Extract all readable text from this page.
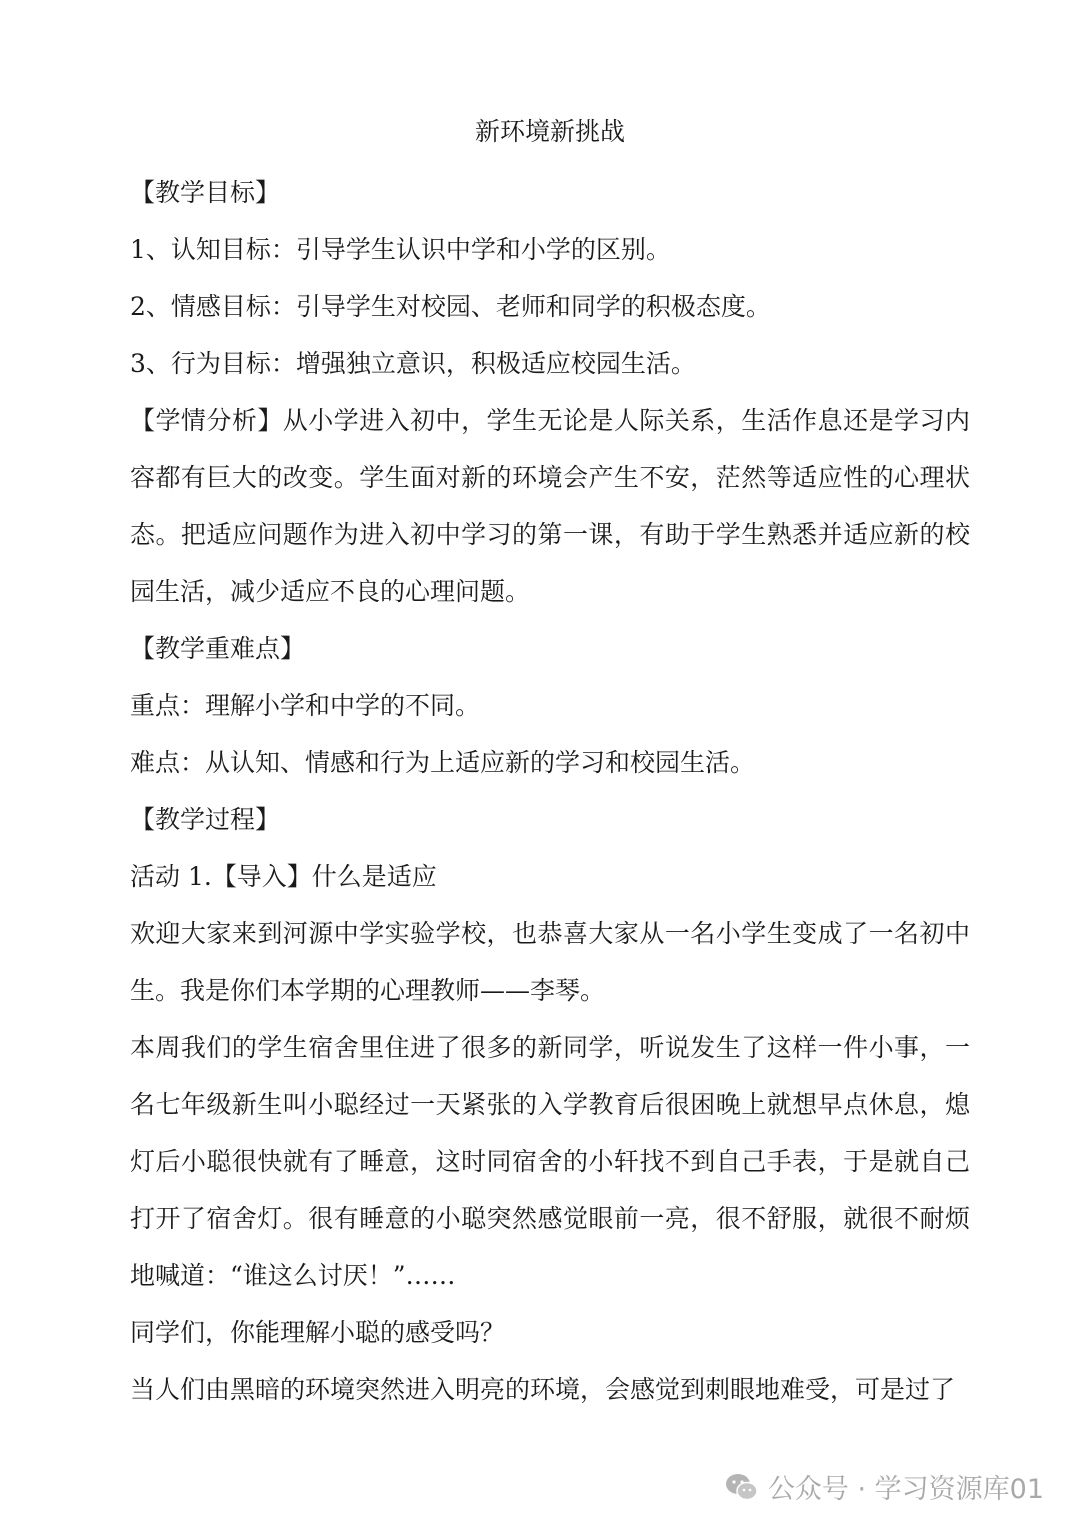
新环境新挑战

【教学目标】

1、认知目标：引导学生认识中学和小学的区别。

2、情感目标：引导学生对校园、老师和同学的积极态度。

3、行为目标：增强独立意识，积极适应校园生活。

【学情分析】从小学进入初中，学生无论是人际关系，生活作息还是学习内容都有巨大的改变。学生面对新的环境会产生不安，茫然等适应性的心理状态。把适应问题作为进入初中学习的第一课，有助于学生熟悉并适应新的校园生活，减少适应不良的心理问题。

【教学重难点】

重点：理解小学和中学的不同。

难点：从认知、情感和行为上适应新的学习和校园生活。

【教学过程】

活动 1.【导入】什么是适应

欢迎大家来到河源中学实验学校，也恭喜大家从一名小学生变成了一名初中生。我是你们本学期的心理教师——李琴。

本周我们的学生宿舍里住进了很多的新同学，听说发生了这样一件小事，一名七年级新生叫小聪经过一天紧张的入学教育后很困晚上就想早点休息，熄灯后小聪很快就有了睡意，这时同宿舍的小轩找不到自己手表，于是就自己打开了宿舍灯。很有睡意的小聪突然感觉眼前一亮，很不舒服，就很不耐烦地喊道：“谁这么讨厌！”……

同学们，你能理解小聪的感受吗？

当人们由黑暗的环境突然进入明亮的环境，会感觉到刺眼地难受，可是过了

公众号 · 学习资源库01
